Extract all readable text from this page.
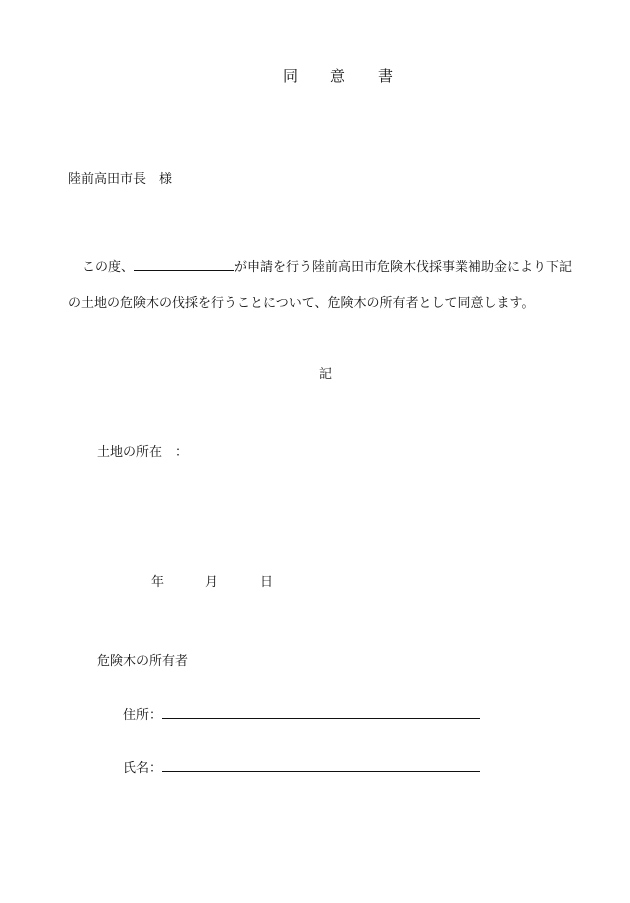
同 意 書
陸前高田市長　様
この度、	が申請を行う陸前高田市危険木伐採事業補助金により下記
の土地の危険木の伐採を行うことについて、危険木の所有者として同意します。
記
土地の所在　：
年	月	日
危険木の所有者
住所：
氏名：
